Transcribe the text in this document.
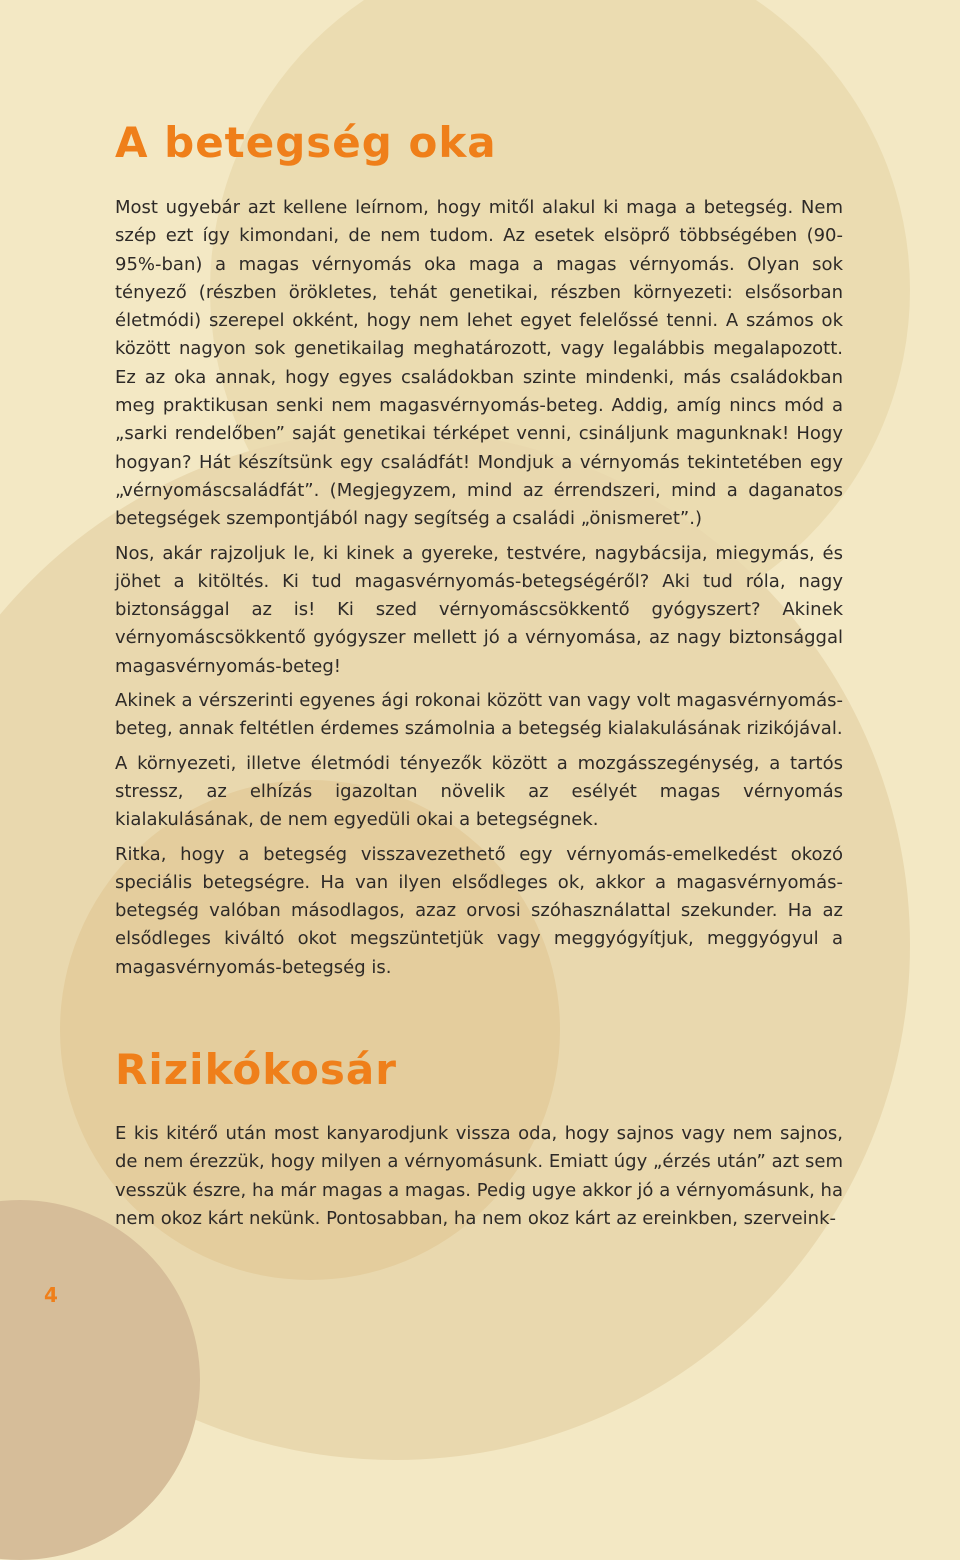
A betegség oka

Most ugyebár azt kellene leírnom, hogy mitől alakul ki maga a betegség. Nem szép ezt így kimondani, de nem tudom. Az esetek elsöprő többségében (90-95%-ban) a magas vérnyomás oka maga a magas vérnyomás. Olyan sok tényező (részben örökletes, tehát genetikai, részben környezeti: elsősorban életmódi) szerepel okként, hogy nem lehet egyet felelőssé tenni. A számos ok között nagyon sok genetikailag meghatározott, vagy legalábbis megalapozott. Ez az oka annak, hogy egyes családokban szinte mindenki, más családokban meg praktikusan senki nem magasvérnyomás-beteg. Addig, amíg nincs mód a „sarki rendelőben” saját genetikai térképet venni, csináljunk magunknak! Hogy hogyan? Hát készítsünk egy családfát! Mondjuk a vérnyomás tekintetében egy „vérnyomáscsaládfát”. (Megjegyzem, mind az érrendszeri, mind a daganatos betegségek szempontjából nagy segítség a családi „önismeret”.)

Nos, akár rajzoljuk le, ki kinek a gyereke, testvére, nagybácsija, miegymás, és jöhet a kitöltés. Ki tud magasvérnyomás-betegségéről? Aki tud róla, nagy biztonsággal az is! Ki szed vérnyomáscsökkentő gyógyszert? Akinek vérnyomáscsökkentő gyógyszer mellett jó a vérnyomása, az nagy biztonsággal magasvérnyomás-beteg!

Akinek a vérszerinti egyenes ági rokonai között van vagy volt magasvérnyomás-beteg, annak feltétlen érdemes számolnia a betegség kialakulásának rizikójával.

A környezeti, illetve életmódi tényezők között a mozgásszegénység, a tartós stressz, az elhízás igazoltan növelik az esélyét magas vérnyomás kialakulásának, de nem egyedüli okai a betegségnek.

Ritka, hogy a betegség visszavezethető egy vérnyomás-emelkedést okozó speciális betegségre. Ha van ilyen elsődleges ok, akkor a magasvérnyomás-betegség valóban másodlagos, azaz orvosi szóhasználattal szekunder. Ha az elsődleges kiváltó okot megszüntetjük vagy meggyógyítjuk, meggyógyul a magasvérnyomás-betegség is.

Rizikókosár

E kis kitérő után most kanyarodjunk vissza oda, hogy sajnos vagy nem sajnos, de nem érezzük, hogy milyen a vérnyomásunk. Emiatt úgy „érzés után” azt sem vesszük észre, ha már magas a magas. Pedig ugye akkor jó a vérnyomásunk, ha nem okoz kárt nekünk. Pontosabban, ha nem okoz kárt az ereinkben, szerveink-

4
